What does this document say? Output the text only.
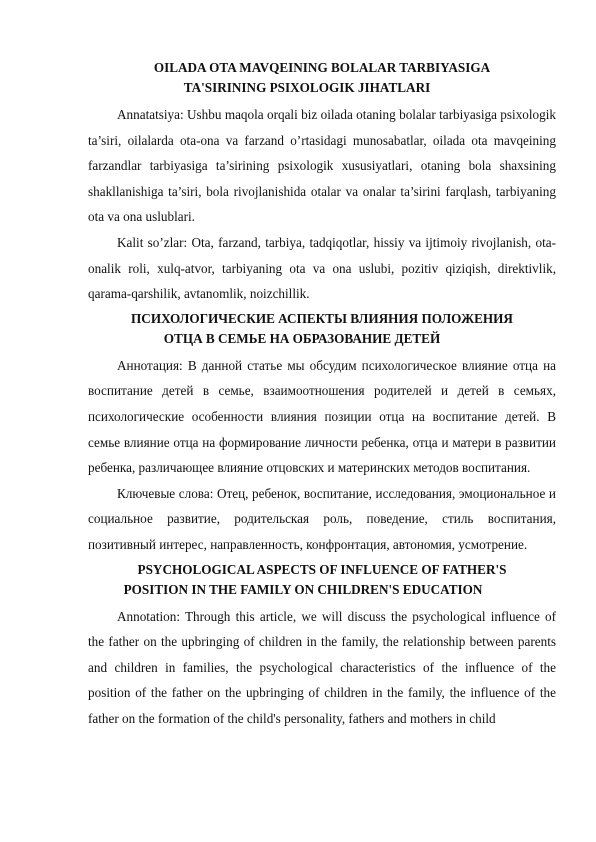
OILADA OTA MAVQEINING BOLALAR TARBIYASIGA
TA'SIRINING PSIXOLOGIK JIHATLARI

Annatatsiya: Ushbu maqola orqali biz oilada otaning bolalar tarbiyasiga psixologik ta’siri, oilalarda ota-ona va farzand o’rtasidagi munosabatlar, oilada ota mavqeining farzandlar tarbiyasiga ta’sirining psixologik xususiyatlari, otaning bola shaxsining shakllanishiga ta’siri, bola rivojlanishida otalar va onalar ta’sirini farqlash, tarbiyaning ota va ona uslublari.

Kalit so’zlar: Ota, farzand, tarbiya, tadqiqotlar, hissiy va ijtimoiy rivojlanish, ota-onalik roli, xulq-atvor, tarbiyaning ota va ona uslubi, pozitiv qiziqish, direktivlik, qarama-qarshilik, avtanomlik, noizchillik.

ПСИХОЛОГИЧЕСКИЕ АСПЕКТЫ ВЛИЯНИЯ ПОЛОЖЕНИЯ
ОТЦА В СЕМЬЕ НА ОБРАЗОВАНИЕ ДЕТЕЙ

Аннотация: В данной статье мы обсудим психологическое влияние отца на воспитание детей в семье, взаимоотношения родителей и детей в семьях, психологические особенности влияния позиции отца на воспитание детей. В семье влияние отца на формирование личности ребенка, отца и матери в развитии ребенка, различающее влияние отцовских и материнских методов воспитания.

Ключевые слова: Отец, ребенок, воспитание, исследования, эмоциональное и социальное развитие, родительская роль, поведение, стиль воспитания, позитивный интерес, направленность, конфронтация, автономия, усмотрение.

PSYCHOLOGICAL ASPECTS OF INFLUENCE OF FATHER'S
POSITION IN THE FAMILY ON CHILDREN'S EDUCATION

Annotation: Through this article, we will discuss the psychological influence of the father on the upbringing of children in the family, the relationship between parents and children in families, the psychological characteristics of the influence of the position of the father on the upbringing of children in the family, the influence of the father on the formation of the child's personality, fathers and mothers in child
